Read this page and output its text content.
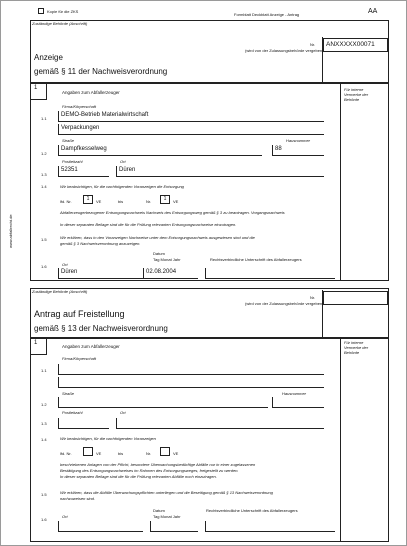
Kopie für die ZKS
Formblatt Deckblatt Anzeige - Antrag	AA
www.abfallrecht.de
Zuständige Behörde (Anschrift)
Nr.
(wird von der Zulassungsbehörde vergeben)
ANXXXXX00071
Anzeige
gemäß § 11 der Nachweisverordnung
1
Angaben zum Abfallerzeuger
Für interne
Vermerke der
Behörde
Firma/Körperschaft
1.1
DEMO-Betrieb Materialwirtschaft
Verpackungen
Straße	Hausnummer
1.2
Dampfkesselweg	88
Postleitzahl	Ort
1.3
52351	Düren
1.4	Wir beabsichtigen, für die nachfolgenden Voranzeigen die Entsorgung
lfd. Nr.	1	VE	bis	Nr.	1	VE
Abfallerzeugerbezogener Entsorgungsnachweis Nachweis des Entsorgungsweg gemäß § 3 zu beantragen. Vorgangsnachweis
In dieser separaten Beilage sind die für die Prüfung relevanten Entsorgungsnachweise einzutragen.
1.5	Wir erklären, dass in den Voranzeigen Nachweise unter dem Entsorgungsnachweis ausgewiesen sind und die
gemäß § 3 Nachweisverordnung anzuzeigen.
Datum
Tag Monat Jahr	Rechtsverbindliche Unterschrift des Abfallerzeugers
1.6	Ort
Düren	02.08.2004
Zuständige Behörde (Anschrift)
Nr.
(wird von der Zulassungsbehörde vergeben)
Antrag auf Freistellung
gemäß § 13 der Nachweisverordnung
1
Angaben zum Abfallerzeuger
Für interne
Vermerke der
Behörde
Firma/Körperschaft
1.1
Straße	Hausnummer
1.2
Postleitzahl	Ort
1.3
1.4	Wir beabsichtigen, für die nachfolgenden Voranzeigen
lfd. Nr.	VE	bis	Nr.	VE
beschriebenen Anlagen von der Pflicht, besondere Überwachungsbedürftige Abfälle nur in einer zugelassenen
Bestätigung des Entsorgungsnachweises im Rahmen des Entsorgungsweges, freigestellt zu werden.
In dieser separaten Beilage sind die für die Prüfung relevanten Abfälle noch einzutragen.
1.5	Wir erklären, dass die Abfälle Überwachungspflichten unterliegen und die Beseitigung gemäß § 13 Nachweisverordnung
nachzuweisen sind.
Datum
Tag Monat Jahr
Rechtsverbindliche Unterschrift des Abfallerzeugers
1.6
Ort
